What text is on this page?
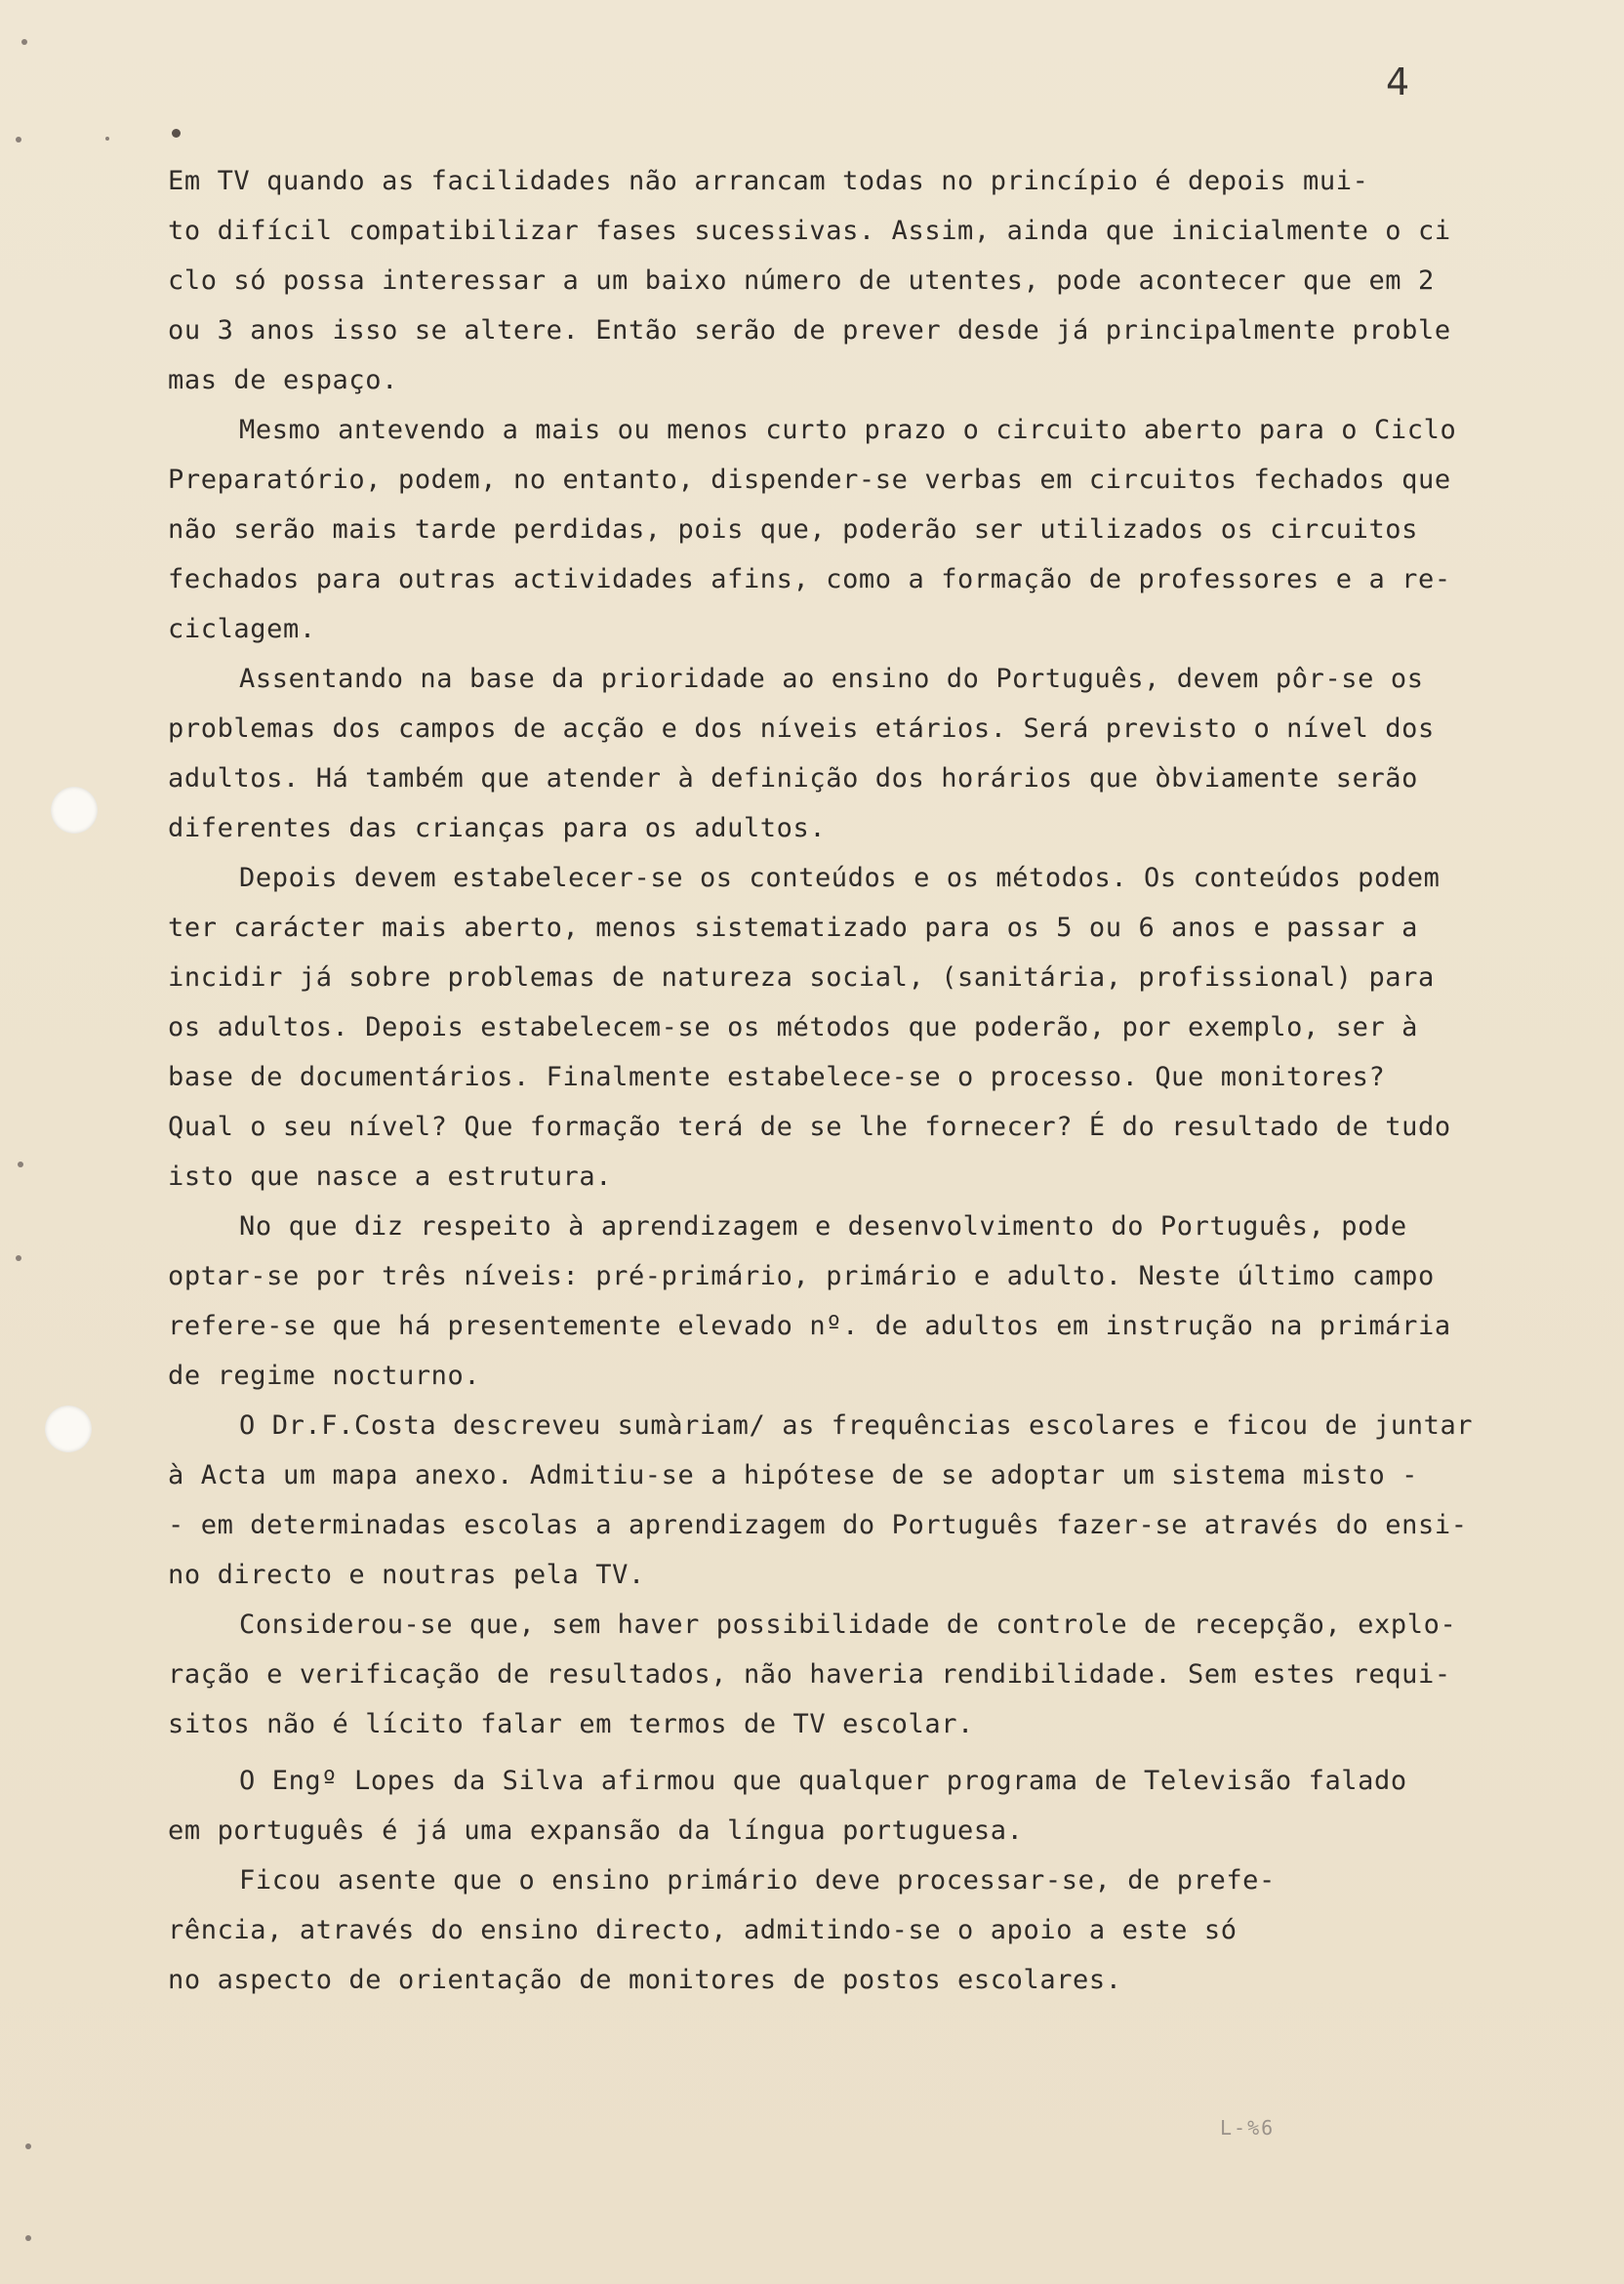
4
Em TV quando as facilidades não arrancam todas no princípio é depois mui-
to difícil compatibilizar fases sucessivas. Assim, ainda que inicialmente o ci
clo só possa interessar a um baixo número de utentes, pode acontecer que em 2
ou 3 anos isso se altere. Então serão de prever desde já principalmente proble
mas de espaço.
Mesmo antevendo a mais ou menos curto prazo o circuito aberto para o Ciclo
Preparatório, podem, no entanto, dispender-se verbas em circuitos fechados que
não serão mais tarde perdidas, pois que, poderão ser utilizados os circuitos
fechados para outras actividades afins, como a formação de professores e a re-
ciclagem.
Assentando na base da prioridade ao ensino do Português, devem pôr-se os
problemas dos campos de acção e dos níveis etários. Será previsto o nível dos
adultos. Há também que atender à definição dos horários que òbviamente serão
diferentes das crianças para os adultos.
Depois devem estabelecer-se os conteúdos e os métodos. Os conteúdos podem
ter carácter mais aberto, menos sistematizado para os 5 ou 6 anos e passar a
incidir já sobre problemas de natureza social, (sanitária, profissional) para
os adultos. Depois estabelecem-se os métodos que poderão, por exemplo, ser à
base de documentários. Finalmente estabelece-se o processo. Que monitores?
Qual o seu nível? Que formação terá de se lhe fornecer? É do resultado de tudo
isto que nasce a estrutura.
No que diz respeito à aprendizagem e desenvolvimento do Português, pode
optar-se por três níveis: pré-primário, primário e adulto. Neste último campo
refere-se que há presentemente elevado nº. de adultos em instrução na primária
de regime nocturno.
O Dr.F.Costa descreveu sumàriam/ as frequências escolares e ficou de juntar
à Acta um mapa anexo. Admitiu-se a hipótese de se adoptar um sistema misto -
- em determinadas escolas a aprendizagem do Português fazer-se através do ensi-
no directo e noutras pela TV.
Considerou-se que, sem haver possibilidade de controle de recepção, explo-
ração e verificação de resultados, não haveria rendibilidade. Sem estes requi-
sitos não é lícito falar em termos de TV escolar.
O Engº Lopes da Silva afirmou que qualquer programa de Televisão falado
em português é já uma expansão da língua portuguesa.
Ficou asente que o ensino primário deve processar-se, de prefe-
rência, através do ensino directo, admitindo-se o apoio a este só
no aspecto de orientação de monitores de postos escolares.
L-%6
